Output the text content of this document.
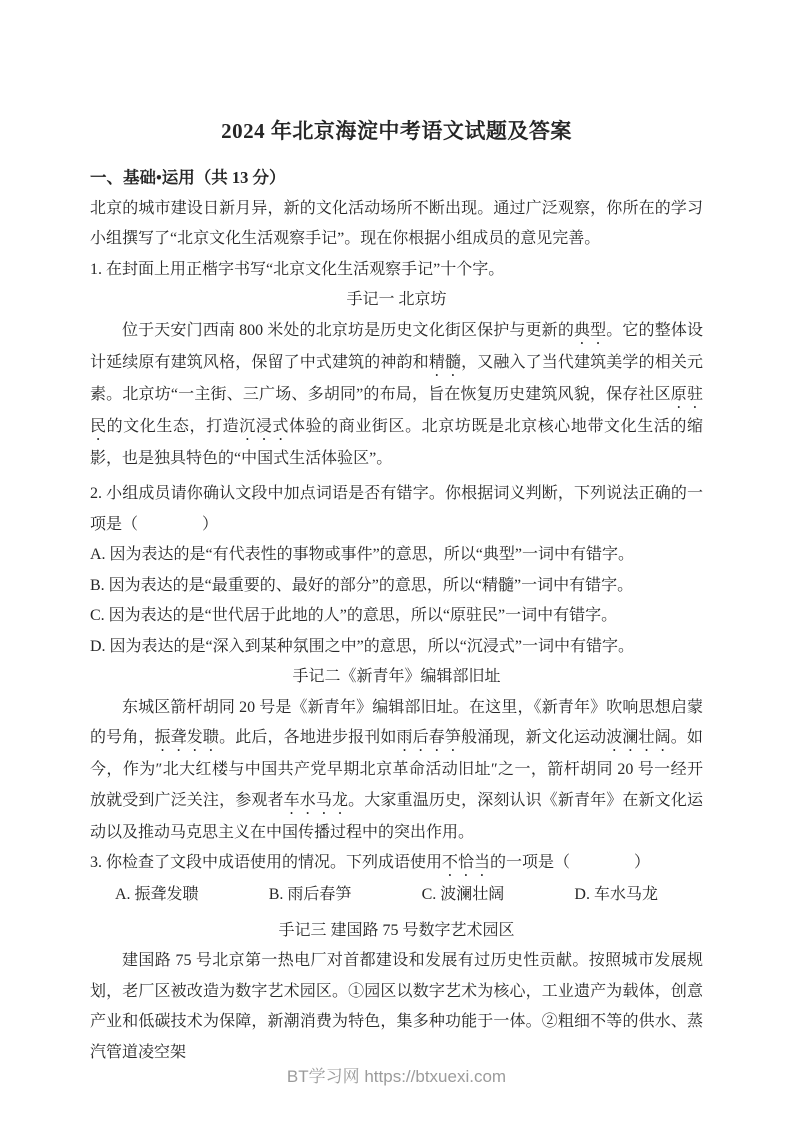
2024 年北京海淀中考语文试题及答案
一、基础•运用（共 13 分）

北京的城市建设日新月异，新的文化活动场所不断出现。通过广泛观察，你所在的学习小组撰写了“北京文化生活观察手记”。现在你根据小组成员的意见完善。

1. 在封面上用正楷字书写“北京文化生活观察手记”十个字。

手记一 北京坊

位于天安门西南 800 米处的北京坊是历史文化街区保护与更新的典型。它的整体设计延续原有建筑风格，保留了中式建筑的神韵和精髓，又融入了当代建筑美学的相关元素。北京坊“一主街、三广场、多胡同”的布局，旨在恢复历史建筑风貌，保存社区原驻民的文化生态，打造沉浸式体验的商业街区。北京坊既是北京核心地带文化生活的缩影，也是独具特色的“中国式生活体验区”。

2. 小组成员请你确认文段中加点词语是否有错字。你根据词义判断，下列说法正确的一项是（　　　　）

A. 因为表达的是“有代表性的事物或事件”的意思，所以“典型”一词中有错字。

B. 因为表达的是“最重要的、最好的部分”的意思，所以“精髓”一词中有错字。

C. 因为表达的是“世代居于此地的人”的意思，所以“原驻民”一词中有错字。

D. 因为表达的是“深入到某种氛围之中”的意思，所以“沉浸式”一词中有错字。

手记二《新青年》编辑部旧址

东城区箭杆胡同 20 号是《新青年》编辑部旧址。在这里，《新青年》吹响思想启蒙的号角，振聋发聩。此后，各地进步报刊如雨后春笋般涌现，新文化运动波澜壮阔。如今，作为″北大红楼与中国共产党早期北京革命活动旧址″之一，箭杆胡同 20 号一经开放就受到广泛关注，参观者车水马龙。大家重温历史，深刻认识《新青年》在新文化运动以及推动马克思主义在中国传播过程中的突出作用。

3. 你检查了文段中成语使用的情况。下列成语使用不恰当的一项是（　　　　）

A. 振聋发聩	B. 雨后春笋	C. 波澜壮阔	D. 车水马龙

手记三 建国路 75 号数字艺术园区

建国路 75 号北京第一热电厂对首都建设和发展有过历史性贡献。按照城市发展规划，老厂区被改造为数字艺术园区。①园区以数字艺术为核心，工业遗产为载体，创意产业和低碳技术为保障，新潮消费为特色，集多种功能于一体。②粗细不等的供水、蒸汽管道凌空架

BT学习网 https://btxuexi.com
